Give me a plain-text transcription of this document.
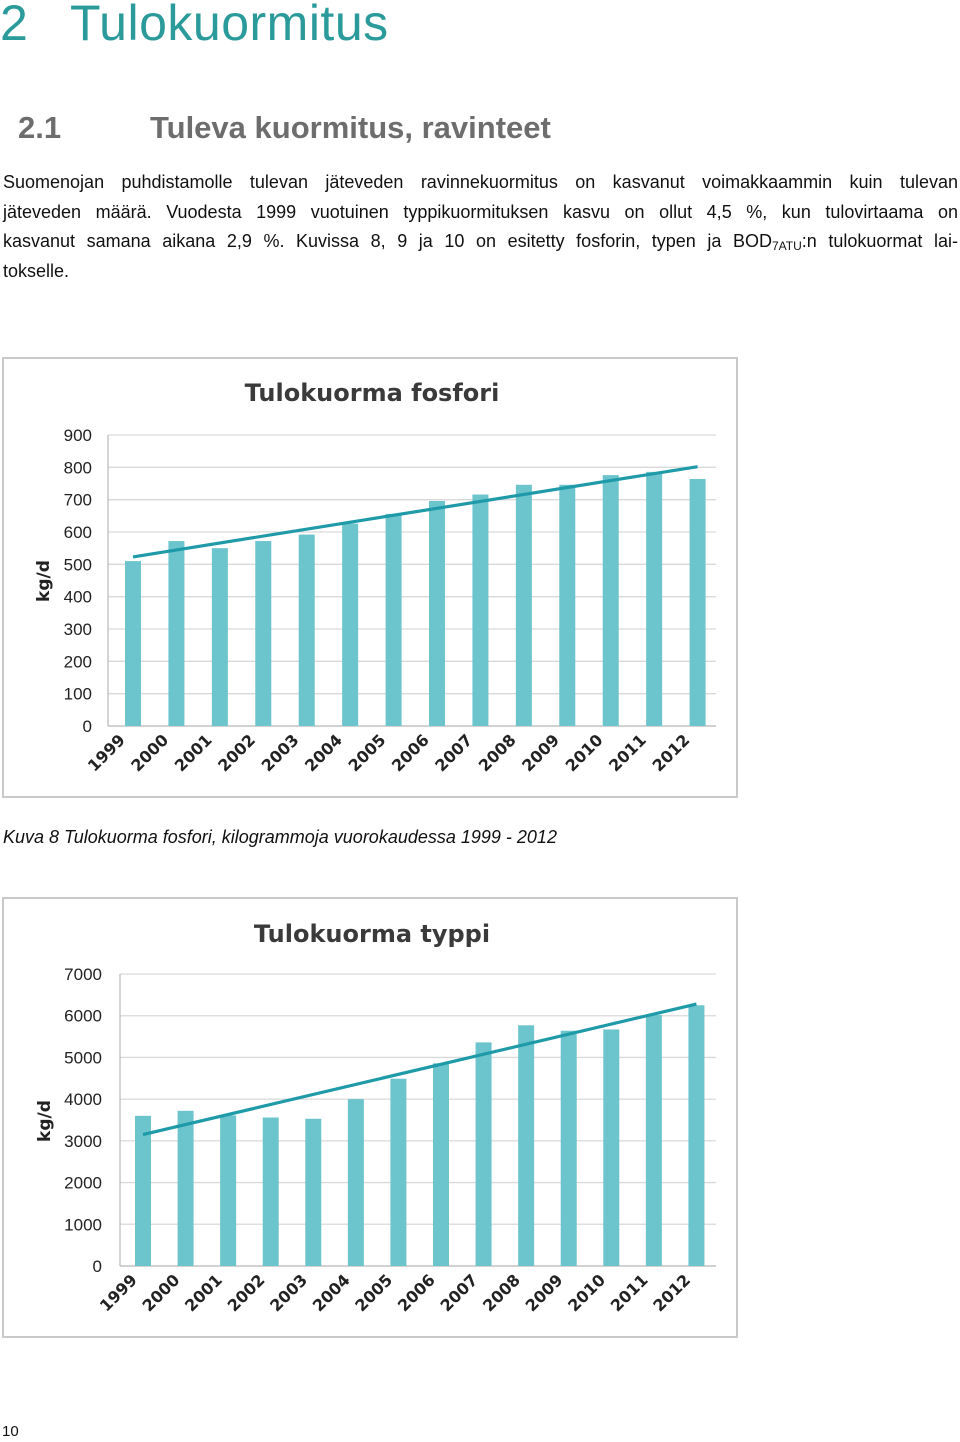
2 Tulokuormitus
2.1	Tuleva kuormitus, ravinteet

Suomenojan puhdistamolle tulevan jäteveden ravinnekuormitus on kasvanut voimakkaammin kuin tulevan
jäteveden määrä. Vuodesta 1999 vuotuinen typpikuormituksen kasvu on ollut 4,5 %, kun tulovirtaama on
kasvanut samana aikana 2,9 %. Kuvissa 8, 9 ja 10 on esitetty fosforin, typen ja $BOD_{7ATU}:n$ tulokuormat lai-
tokselle.

Tulokuorma fosfori
0
100
200
300
400
500
600
700
800
900
kg/d
1999
2000
2001
2002
2003
2004
2005
2006
2007
2008
2009
2010
2011
2012

Kuva 8 Tulokuorma fosfori, kilogrammoja vuorokaudessa 1999 - 2012

Tulokuorma typpi
0
1000
2000
3000
4000
5000
6000
7000
kg/d
1999
2000
2001
2002
2003
2004
2005
2006
2007
2008
2009
2010
2011
2012

10
